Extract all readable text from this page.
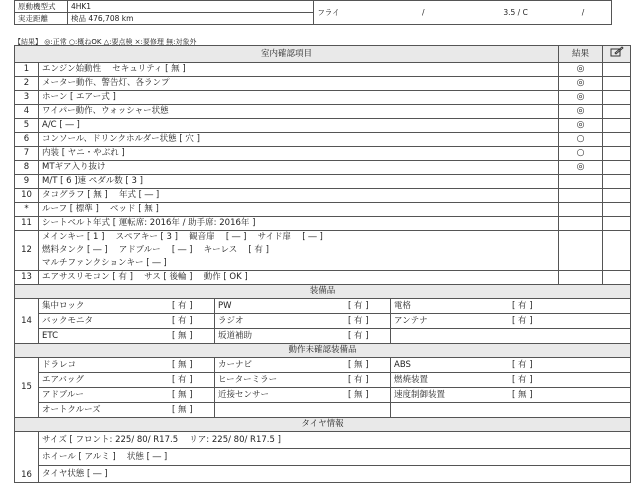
原動機型式	4HK1	フライ	/ 3.5 / C /
実走距離	検品 476,708 km		
【結果】 ◎:正常 ○:概ねOK △:要点検 ×:要修理 無:対象外
室内確認項目				結果	
1	エンジン始動性　 セキュリティ [ 無 ]			◎	
2	メーター動作、警告灯、各ランプ			◎	
3	ホーン [ エアー式 ]			◎	
4	ワイパー動作、ウォッシャー状態			◎	
5	A/C [ ― ]			◎	
6	コンソール、ドリンクホルダー状態 [ 穴 ]			○	
7	内装 [ ヤニ・やぶれ ]			○	
8	MTギア入り抜け			◎	
9	M/T [ 6 ]速 ペダル数 [ 3 ]				
10	タコグラフ [ 無 ] 　年式 [ ― ]				
*	ルーフ [ 標準 ] 　ベッド [ 無 ]				
11	シートベルト年式 [ 運転席: 2016年 / 助手席: 2016年 ]				
12	メインキー [ 1 ]　 スペアキー [ 3 ]　 観音扉 　[ ― ]　 サイド扉 　[ ― ]
燃料タンク [ ― ]　 アドブルー 　[ ― ]　 キーレス 　[ 有 ]
マルチファンクションキー [ ― ]				

13	エアサスリモコン [ 有 ]　 サス [ 後輪 ]　 動作 [ OK ]				
装備品					
14	集中ロック [ 有 ]	PW [ 有 ]	電格 [ 有 ]		
	バックモニタ [ 有 ]	ラジオ [ 有 ]	アンテナ [ 有 ]		
	ETC [ 無 ]	坂道補助 [ 有 ]			
動作未確認装備品					
15	ドラレコ [ 無 ]	カーナビ [ 無 ]	ABS [ 有 ]		
	エアバッグ [ 有 ]	ヒーターミラー [ 有 ]	燃焼装置 [ 有 ]		
	アドブルー [ 無 ]	近接センサー [ 無 ]	速度制御装置 [ 無 ]		
	オートクルーズ [ 無 ]				
タイヤ情報					
16	サイズ [ フロント: 225/ 80/ R17.5　 リア: 225/ 80/ R17.5 ]				
	ホイール [ アルミ ]　 状態 [ ― ]				
	タイヤ状態 [ ― ]				
